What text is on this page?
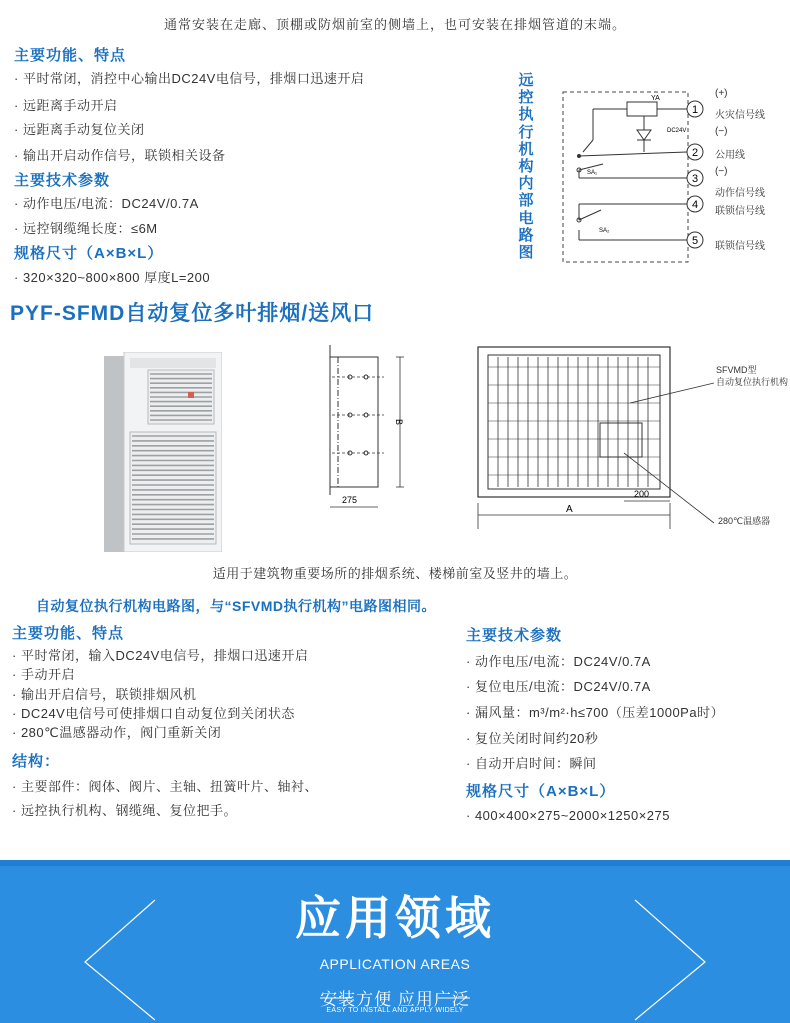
通常安装在走廊、顶棚或防烟前室的侧墙上，也可安装在排烟管道的末端。
主要功能、特点
· 平时常闭，消控中心输出DC24V电信号，排烟口迅速开启
· 远距离手动开启
· 远距离手动复位关闭
· 输出开启动作信号，联锁相关设备
主要技术参数
· 动作电压/电流：DC24V/0.7A
· 远控钢缆绳长度：≤6M
规格尺寸（A×B×L）
· 320×320~800×800 厚度L=200
远
控
执
行
机
构
内
部
电
路
图
1
2
3
4
5
YA
DC24V
SA₁
SA₂
(+)
火灾信号线
(−)
公用线
(−)
动作信号线
联锁信号线
联锁信号线
PYF-SFMD自动复位多叶排烟/送风口
B
275
A
200
SFVMD型
自动复位执行机构
280℃温感器
适用于建筑物重要场所的排烟系统、楼梯前室及竖井的墙上。
自动复位执行机构电路图，与“SFVMD执行机构”电路图相同。
主要功能、特点
· 平时常闭，输入DC24V电信号，排烟口迅速开启
· 手动开启
· 输出开启信号，联锁排烟风机
· DC24V电信号可使排烟口自动复位到关闭状态
· 280℃温感器动作，阀门重新关闭
结构：
· 主要部件：阀体、阀片、主轴、扭簧叶片、轴衬、
· 远控执行机构、钢缆绳、复位把手。
主要技术参数
· 动作电压/电流：DC24V/0.7A
· 复位电压/电流：DC24V/0.7A
· 漏风量：m³/m²·h≤700（压差1000Pa时）
· 复位关闭时间约20秒
· 自动开启时间：瞬间
规格尺寸（A×B×L）
· 400×400×275~2000×1250×275
应用领域
APPLICATION AREAS
安装方便 应用广泛
EASY TO INSTALL AND APPLY WIDELY
